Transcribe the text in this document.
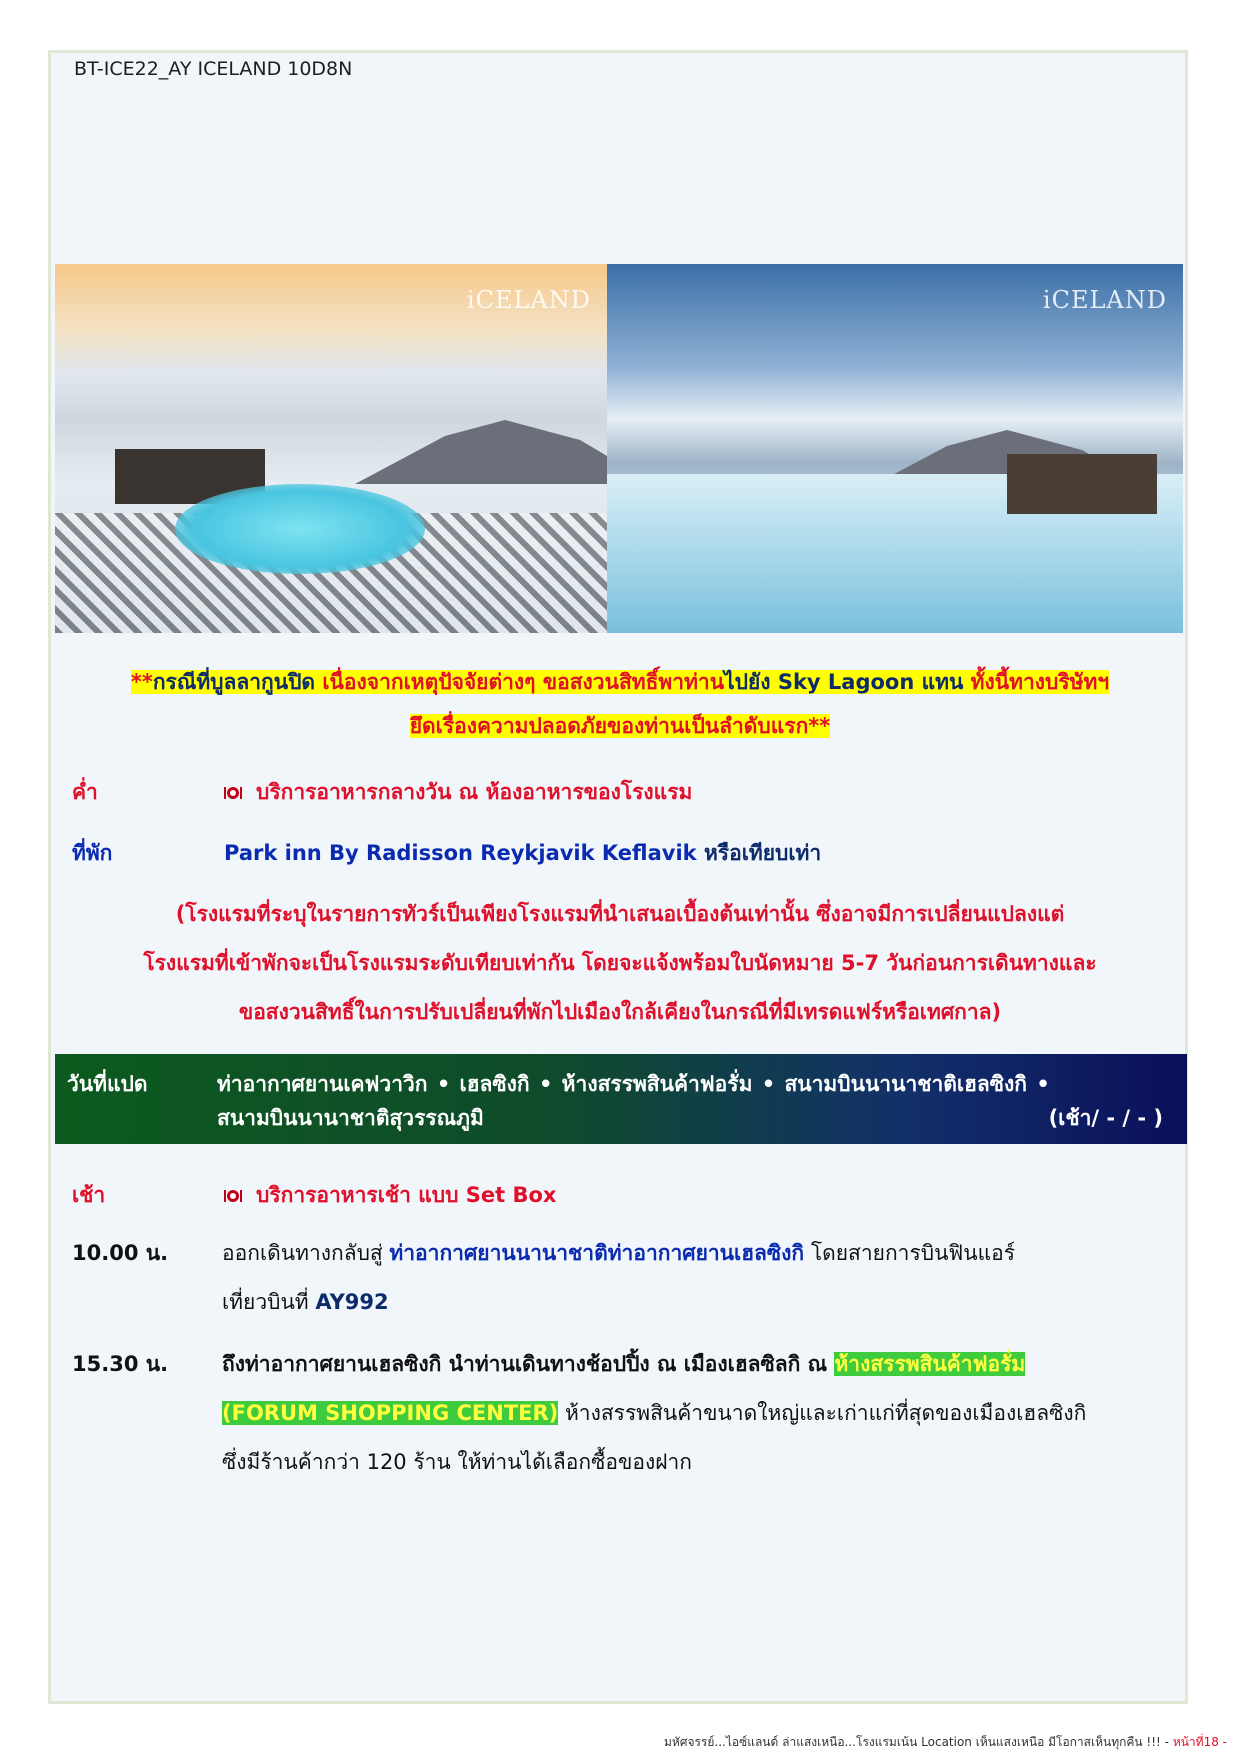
BT-ICE22_AY ICELAND 10D8N
iCELAND	iCELAND
**กรณีที่บูลลากูนปิด เนื่องจากเหตุปัจจัยต่างๆ ขอสงวนสิทธิ์พาท่านไปยัง Sky Lagoon แทน ทั้งนี้ทางบริษัทฯ
ยึดเรื่องความปลอดภัยของท่านเป็นลำดับแรก**
ค่ำ	บริการอาหารกลางวัน ณ ห้องอาหารของโรงแรม
ที่พัก	Park inn By Radisson Reykjavik Keflavik หรือเทียบเท่า
(โรงแรมที่ระบุในรายการทัวร์เป็นเพียงโรงแรมที่นำเสนอเบื้องต้นเท่านั้น ซึ่งอาจมีการเปลี่ยนแปลงแต่
โรงแรมที่เข้าพักจะเป็นโรงแรมระดับเทียบเท่ากัน โดยจะแจ้งพร้อมใบนัดหมาย 5-7 วันก่อนการเดินทางและ
ขอสงวนสิทธิ์ในการปรับเปลี่ยนที่พักไปเมืองใกล้เคียงในกรณีที่มีเทรดแฟร์หรือเทศกาล)
วันที่แปด	ท่าอากาศยานเคฟวาวิก • เฮลซิงกิ • ห้างสรรพสินค้าฟอรั่ม • สนามบินนานาชาติเฮลซิงกิ •
สนามบินนานาชาติสุวรรณภูมิ	(เช้า/ - / - )
เช้า	บริการอาหารเช้า แบบ Set Box
10.00 น.	ออกเดินทางกลับสู่ ท่าอากาศยานนานาชาติท่าอากาศยานเฮลซิงกิ โดยสายการบินฟินแอร์
เที่ยวบินที่ AY992
15.30 น.	ถึงท่าอากาศยานเฮลซิงกิ นำท่านเดินทางช้อปปิ้ง ณ เมืองเฮลซิลกิ ณ ห้างสรรพสินค้าฟอรั่ม
(FORUM SHOPPING CENTER) ห้างสรรพสินค้าขนาดใหญ่และเก่าแก่ที่สุดของเมืองเฮลซิงกิ
ซึ่งมีร้านค้ากว่า 120 ร้าน ให้ท่านได้เลือกซื้อของฝาก
มหัศจรรย์...ไอซ์แลนด์ ล่าแสงเหนือ...โรงแรมเน้น Location เห็นแสงเหนือ มีโอกาสเห็นทุกคืน !!! - หน้าที่18 -
